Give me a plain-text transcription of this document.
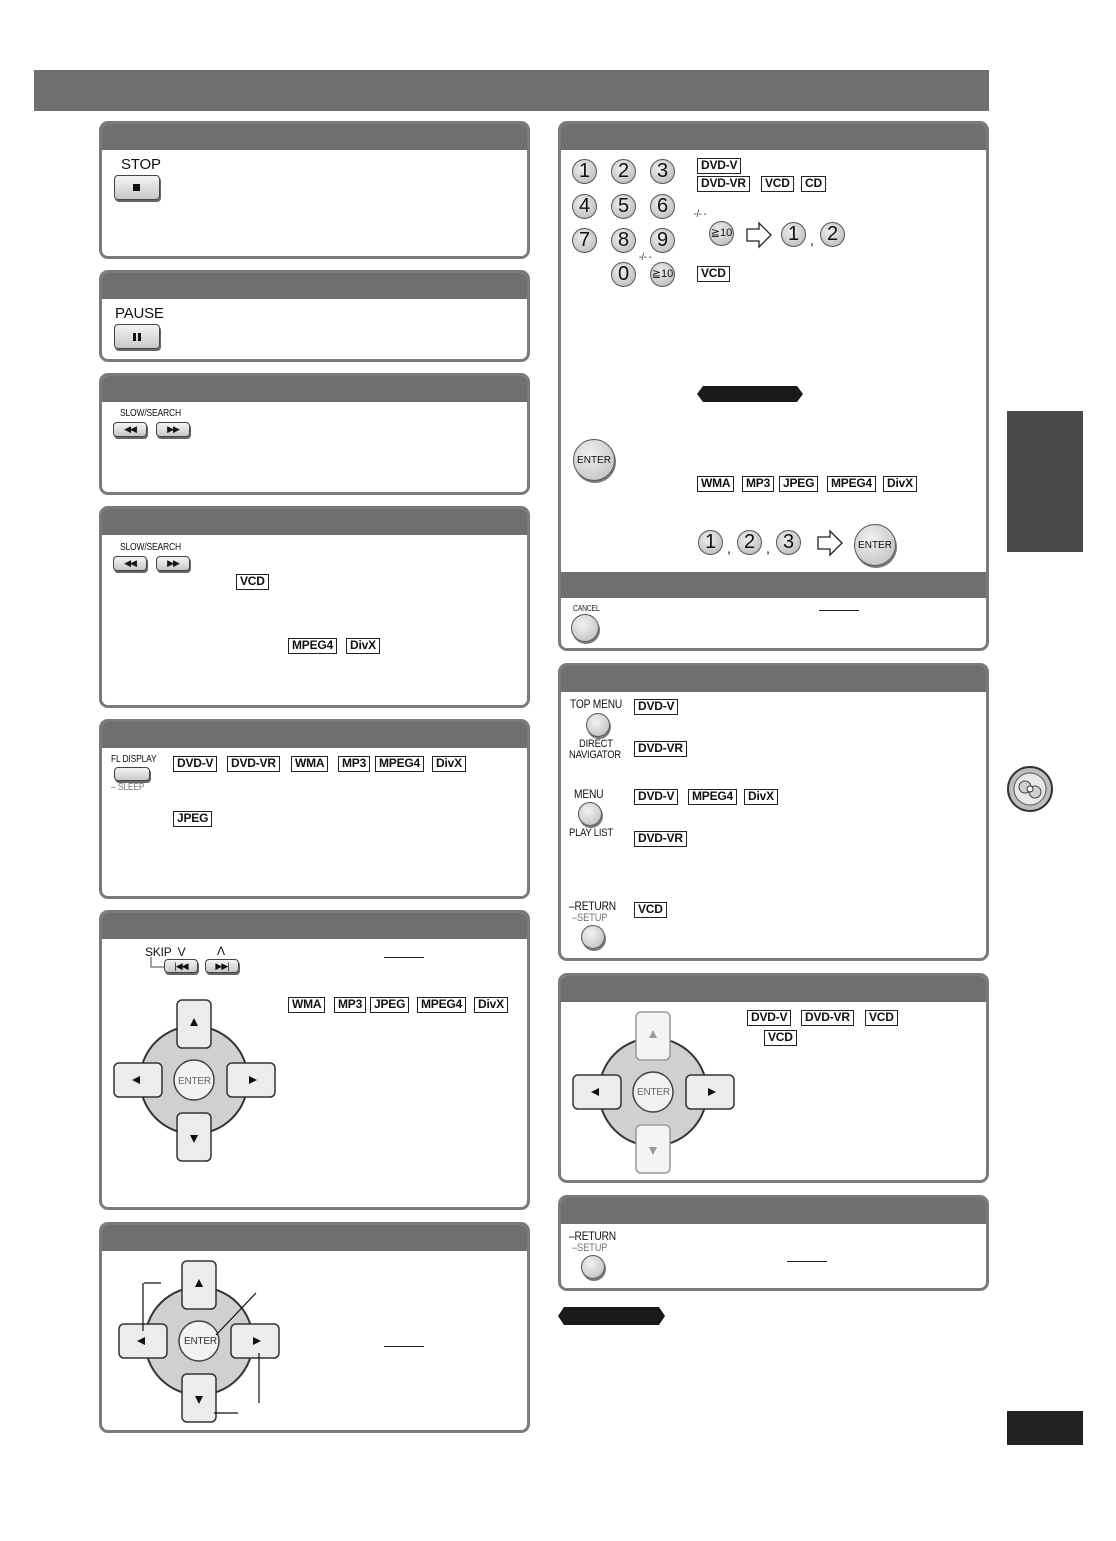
STOP
PAUSE
SLOW/SEARCH
◀◀	▶▶
SLOW/SEARCH
◀◀	▶▶
VCD
MPEG4	DivX
FL DISPLAY
– SLEEP
DVD-V	DVD-VR	WMA	MP3	MPEG4	DivX
JPEG
SKIP V	Λ
|◀◀	▶▶|
WMA	MP3 JPEG	MPEG4	DivX
ENTER
ENTER
1	2	3
4	5	6
7	8	9
0
-/- -
≧10
DVD-V
DVD-VR	VCD	CD
-/- -
≧10	1 , 2
VCD
ENTER
WMA	MP3	JPEG	MPEG4	DivX
1 , 2 , 3	ENTER
CANCEL
TOP MENU
DIRECT
NAVIGATOR
DVD-V
DVD-VR
MENU
PLAY LIST
DVD-V	MPEG4	DivX
DVD-VR
–RETURN
–SETUP
VCD
ENTER
DVD-V	DVD-VR	VCD
VCD
–RETURN
–SETUP
